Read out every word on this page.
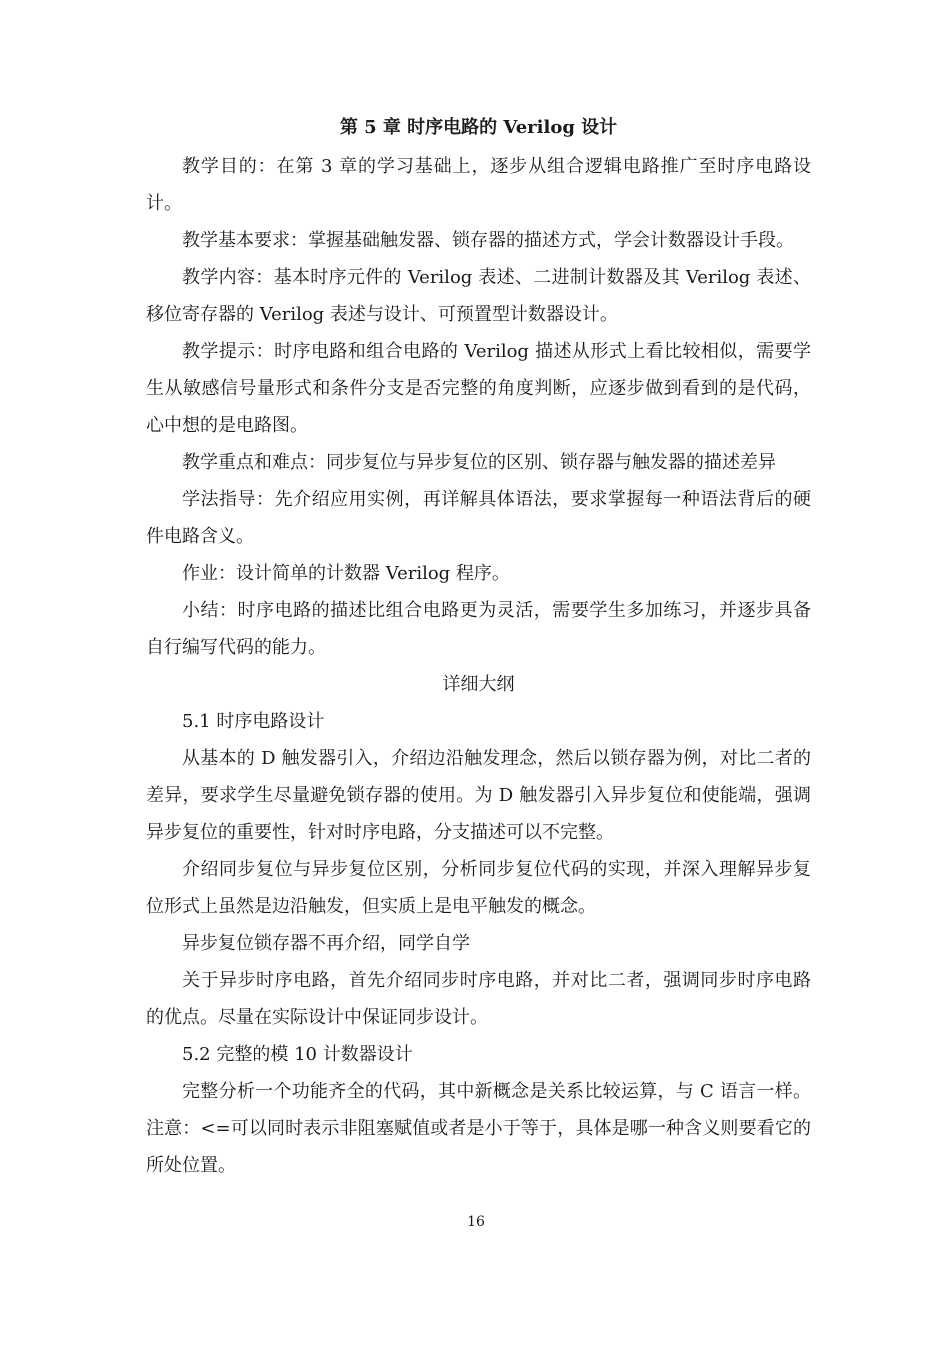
第 5 章 时序电路的 Verilog 设计

教学目的：在第 3 章的学习基础上，逐步从组合逻辑电路推广至时序电路设计。

教学基本要求：掌握基础触发器、锁存器的描述方式，学会计数器设计手段。

教学内容：基本时序元件的 Verilog 表述、二进制计数器及其 Verilog 表述、移位寄存器的 Verilog 表述与设计、可预置型计数器设计。

教学提示：时序电路和组合电路的 Verilog 描述从形式上看比较相似，需要学生从敏感信号量形式和条件分支是否完整的角度判断，应逐步做到看到的是代码，心中想的是电路图。

教学重点和难点：同步复位与异步复位的区别、锁存器与触发器的描述差异

学法指导：先介绍应用实例，再详解具体语法，要求掌握每一种语法背后的硬件电路含义。

作业：设计简单的计数器 Verilog 程序。

小结：时序电路的描述比组合电路更为灵活，需要学生多加练习，并逐步具备自行编写代码的能力。

详细大纲

5.1 时序电路设计

从基本的 D 触发器引入，介绍边沿触发理念，然后以锁存器为例，对比二者的差异，要求学生尽量避免锁存器的使用。为 D 触发器引入异步复位和使能端，强调异步复位的重要性，针对时序电路，分支描述可以不完整。

介绍同步复位与异步复位区别，分析同步复位代码的实现，并深入理解异步复位形式上虽然是边沿触发，但实质上是电平触发的概念。

异步复位锁存器不再介绍，同学自学

关于异步时序电路，首先介绍同步时序电路，并对比二者，强调同步时序电路的优点。尽量在实际设计中保证同步设计。

5.2 完整的模 10 计数器设计

完整分析一个功能齐全的代码，其中新概念是关系比较运算，与 C 语言一样。注意：<=可以同时表示非阻塞赋值或者是小于等于，具体是哪一种含义则要看它的所处位置。

16
